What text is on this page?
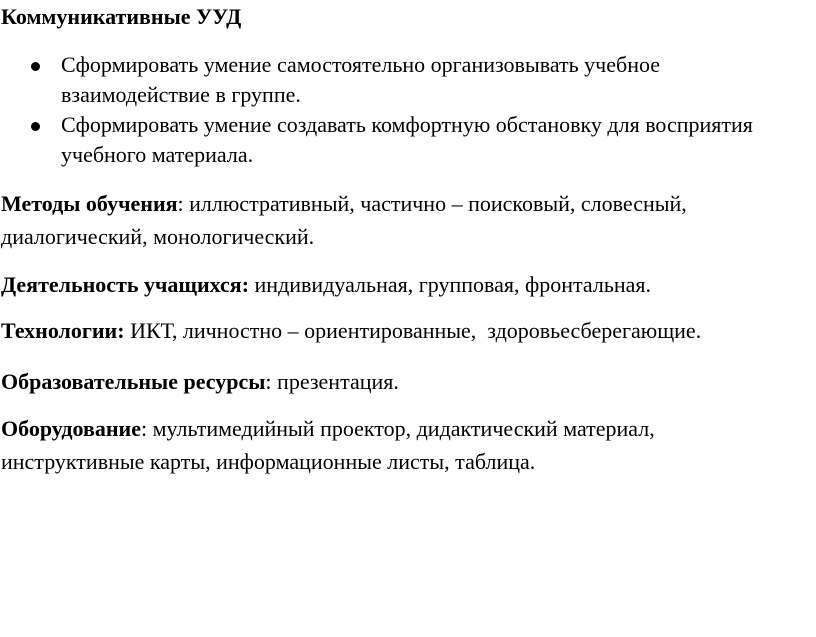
Коммуникативные УУД
Сформировать умение самостоятельно организовывать учебное
взаимодействие в группе.
Сформировать умение создавать комфортную обстановку для восприятия
учебного материала.
Методы обучения: иллюстративный, частично – поисковый, словесный,
диалогический, монологический.
Деятельность учащихся: индивидуальная, групповая, фронтальная.
Технологии: ИКТ, личностно – ориентированные,  здоровьесберегающие.
Образовательные ресурсы: презентация.
Оборудование: мультимедийный проектор, дидактический материал,
инструктивные карты, информационные листы, таблица.
